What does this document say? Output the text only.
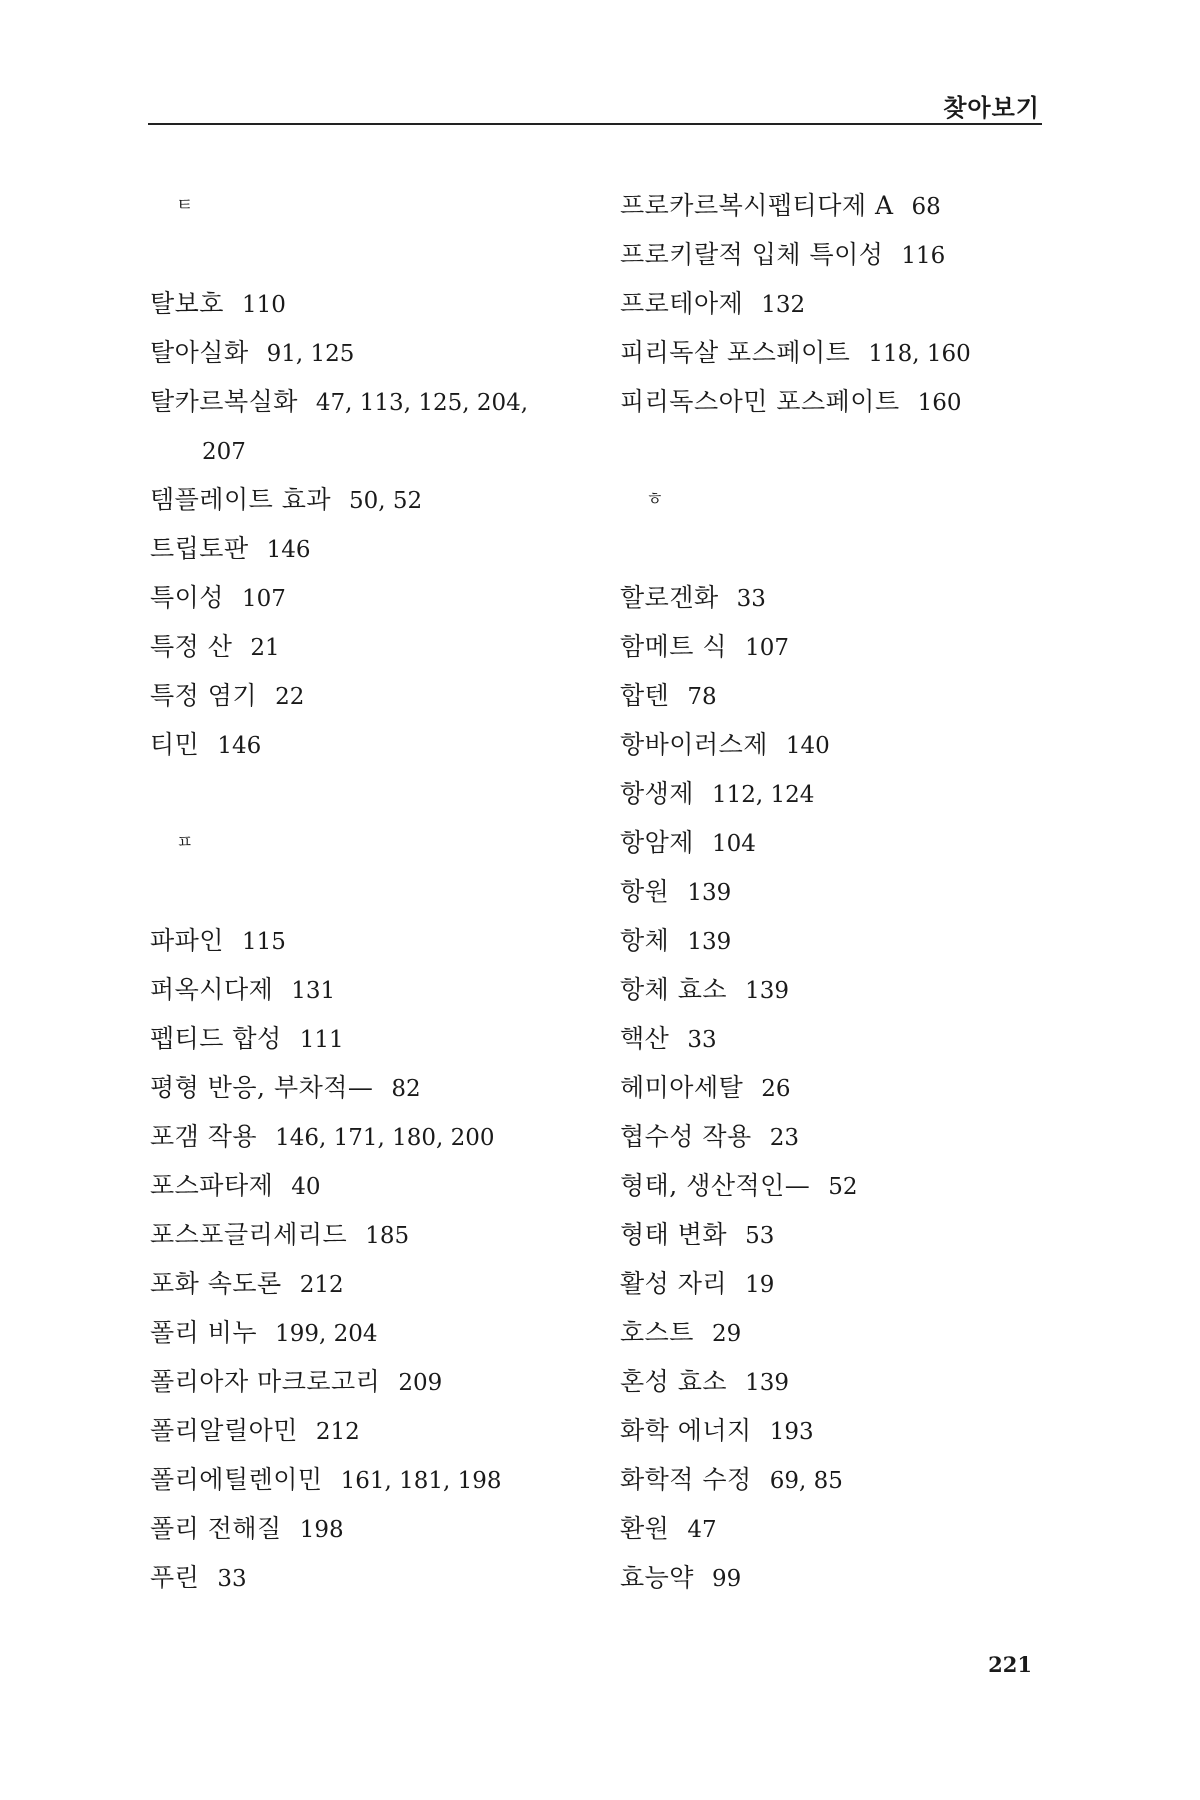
찾아보기
ㅌ
탈보호 110
탈아실화 91, 125
탈카르복실화 47, 113, 125, 204,
207
템플레이트 효과 50, 52
트립토판 146
특이성 107
특정 산 21
특정 염기 22
티민 146
ㅍ
파파인 115
퍼옥시다제 131
펩티드 합성 111
평형 반응, 부차적— 82
포갬 작용 146, 171, 180, 200
포스파타제 40
포스포글리세리드 185
포화 속도론 212
폴리 비누 199, 204
폴리아자 마크로고리 209
폴리알릴아민 212
폴리에틸렌이민 161, 181, 198
폴리 전해질 198
푸린 33
프로카르복시펩티다제 A 68
프로키랄적 입체 특이성 116
프로테아제 132
피리독살 포스페이트 118, 160
피리독스아민 포스페이트 160
ㅎ
할로겐화 33
함메트 식 107
합텐 78
항바이러스제 140
항생제 112, 124
항암제 104
항원 139
항체 139
항체 효소 139
핵산 33
헤미아세탈 26
협수성 작용 23
형태, 생산적인— 52
형태 변화 53
활성 자리 19
호스트 29
혼성 효소 139
화학 에너지 193
화학적 수정 69, 85
환원 47
효능약 99
221
